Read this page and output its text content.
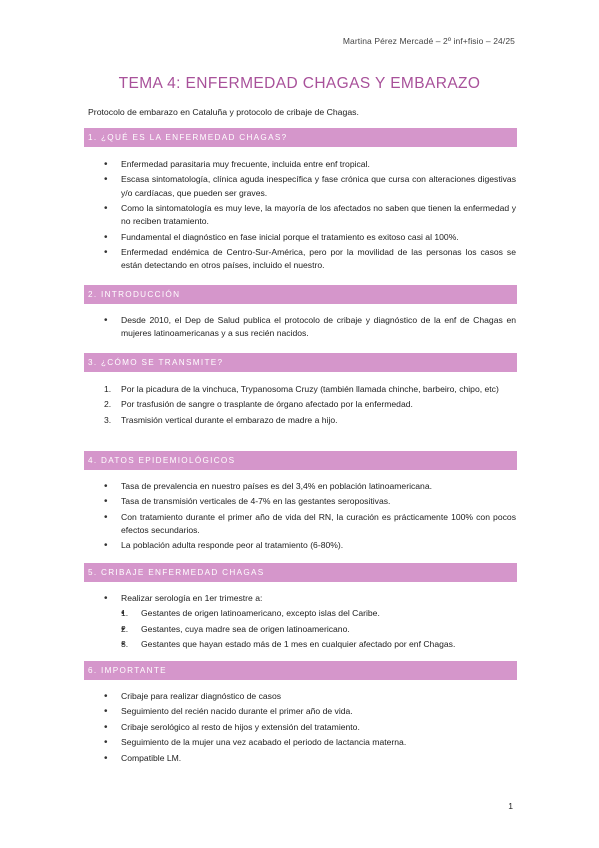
Martina Pérez Mercadé – 2º inf+fisio – 24/25
TEMA 4: ENFERMEDAD CHAGAS Y EMBARAZO
Protocolo de embarazo en Cataluña y protocolo de cribaje de Chagas.
1. ¿QUÉ ES LA ENFERMEDAD CHAGAS?
• Enfermedad parasitaria muy frecuente, incluida entre enf tropical.
• Escasa sintomatología, clínica aguda inespecífica y fase crónica que cursa con alteraciones digestivas y/o cardíacas, que pueden ser graves.
• Como la sintomatología es muy leve, la mayoría de los afectados no saben que tienen la enfermedad y no reciben tratamiento.
• Fundamental el diagnóstico en fase inicial porque el tratamiento es exitoso casi al 100%.
• Enfermedad endémica de Centro-Sur-América, pero por la movilidad de las personas los casos se están detectando en otros países, incluido el nuestro.
2. INTRODUCCIÓN
• Desde 2010, el Dep de Salud publica el protocolo de cribaje y diagnóstico de la enf de Chagas en mujeres latinoamericanas y a sus recién nacidos.
3. ¿CÓMO SE TRANSMITE?
1. Por la picadura de la vinchuca, Trypanosoma Cruzy (también llamada chinche, barbeiro, chipo, etc)
2. Por trasfusión de sangre o trasplante de órgano afectado por la enfermedad.
3. Trasmisión vertical durante el embarazo de madre a hijo.
4. DATOS EPIDEMIOLÓGICOS
• Tasa de prevalencia en nuestro países es del 3,4% en población latinoamericana.
• Tasa de transmisión verticales de 4-7% en las gestantes seropositivas.
• Con tratamiento durante el primer año de vida del RN, la curación es prácticamente 100% con pocos efectos secundarios.
• La población adulta responde peor al tratamiento (6-80%).
5. CRIBAJE ENFERMEDAD CHAGAS
• Realizar serología en 1er trimestre a:
• 1. Gestantes de origen latinoamericano, excepto islas del Caribe.
• 2. Gestantes, cuya madre sea de origen latinoamericano.
• 3. Gestantes que hayan estado más de 1 mes en cualquier afectado por enf Chagas.
6. IMPORTANTE
• Cribaje para realizar diagnóstico de casos
• Seguimiento del recién nacido durante el primer año de vida.
• Cribaje serológico al resto de hijos y extensión del tratamiento.
• Seguimiento de la mujer una vez acabado el periodo de lactancia materna.
• Compatible LM.
1
